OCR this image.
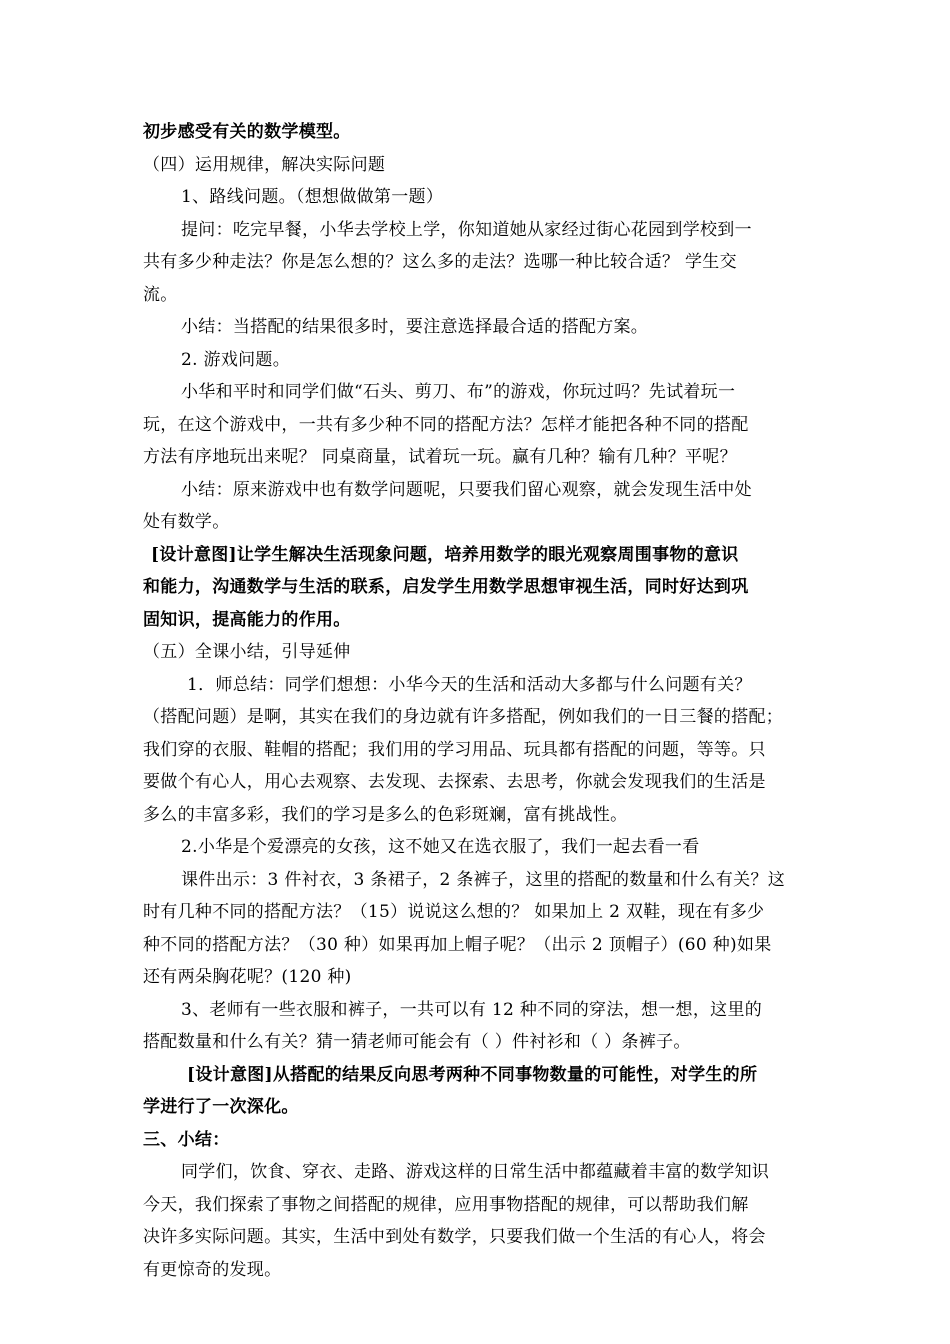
初步感受有关的数学模型。
（四）运用规律，解决实际问题
1、路线问题。（想想做做第一题）
提问：吃完早餐，小华去学校上学，你知道她从家经过街心花园到学校到一
共有多少种走法？你是怎么想的？这么多的走法？选哪一种比较合适？ 学生交
流。
小结：当搭配的结果很多时，要注意选择最合适的搭配方案。
2. 游戏问题。
小华和平时和同学们做“石头、剪刀、布”的游戏，你玩过吗？先试着玩一
玩，在这个游戏中，一共有多少种不同的搭配方法？怎样才能把各种不同的搭配
方法有序地玩出来呢？ 同桌商量，试着玩一玩。赢有几种？输有几种？平呢？
小结：原来游戏中也有数学问题呢，只要我们留心观察，就会发现生活中处
处有数学。
[设计意图]让学生解决生活现象问题，培养用数学的眼光观察周围事物的意识
和能力，沟通数学与生活的联系，启发学生用数学思想审视生活，同时好达到巩
固知识，提高能力的作用。
（五）全课小结，引导延伸
1．师总结：同学们想想：小华今天的生活和活动大多都与什么问题有关？
（搭配问题）是啊，其实在我们的身边就有许多搭配，例如我们的一日三餐的搭配；
我们穿的衣服、鞋帽的搭配；我们用的学习用品、玩具都有搭配的问题，等等。只
要做个有心人，用心去观察、去发现、去探索、去思考，你就会发现我们的生活是
多么的丰富多彩，我们的学习是多么的色彩斑斓，富有挑战性。
2.小华是个爱漂亮的女孩，这不她又在选衣服了，我们一起去看一看
课件出示：3 件衬衣，3 条裙子，2 条裤子，这里的搭配的数量和什么有关？这
时有几种不同的搭配方法？（15）说说这么想的？ 如果加上 2 双鞋，现在有多少
种不同的搭配方法？（30 种）如果再加上帽子呢？（出示 2 顶帽子）(60 种)如果
还有两朵胸花呢？(120 种)
3、老师有一些衣服和裤子，一共可以有 12 种不同的穿法，想一想，这里的
搭配数量和什么有关？猜一猜老师可能会有（ ）件衬衫和（ ）条裤子。
[设计意图]从搭配的结果反向思考两种不同事物数量的可能性，对学生的所
学进行了一次深化。
三、小结：
同学们，饮食、穿衣、走路、游戏这样的日常生活中都蕴藏着丰富的数学知识
今天，我们探索了事物之间搭配的规律，应用事物搭配的规律，可以帮助我们解
决许多实际问题。其实，生活中到处有数学，只要我们做一个生活的有心人，将会
有更惊奇的发现。
